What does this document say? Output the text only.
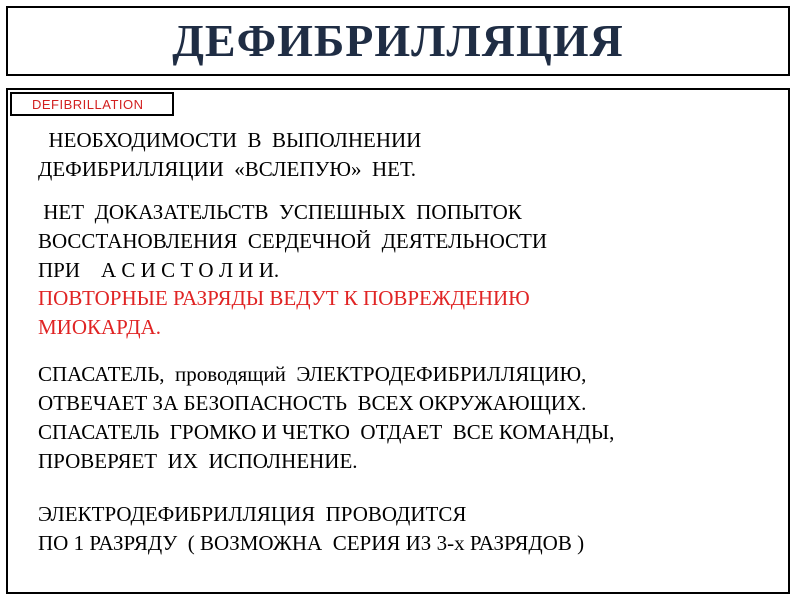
ДЕФИБРИЛЛЯЦИЯ
DEFIBRILLATION

НЕОБХОДИМОСТИ  В  ВЫПОЛНЕНИИ
ДЕФИБРИЛЛЯЦИИ  «ВСЛЕПУЮ»  НЕТ.

НЕТ  ДОКАЗАТЕЛЬСТВ  УСПЕШНЫХ  ПОПЫТОК
ВОССТАНОВЛЕНИЯ  СЕРДЕЧНОЙ  ДЕЯТЕЛЬНОСТИ
ПРИ    А С И С Т О Л И И.

ПОВТОРНЫЕ РАЗРЯДЫ ВЕДУТ К ПОВРЕЖДЕНИЮ
МИОКАРДА.

СПАСАТЕЛЬ,  проводящий  ЭЛЕКТРОДЕФИБРИЛЛЯЦИЮ,
ОТВЕЧАЕТ ЗА БЕЗОПАСНОСТЬ  ВСЕХ ОКРУЖАЮЩИХ.
СПАСАТЕЛЬ  ГРОМКО И ЧЕТКО  ОТДАЕТ  ВСЕ КОМАНДЫ,
ПРОВЕРЯЕТ  ИХ  ИСПОЛНЕНИЕ.

ЭЛЕКТРОДЕФИБРИЛЛЯЦИЯ  ПРОВОДИТСЯ
ПО 1 РАЗРЯДУ  ( ВОЗМОЖНА  СЕРИЯ ИЗ 3-х РАЗРЯДОВ )
